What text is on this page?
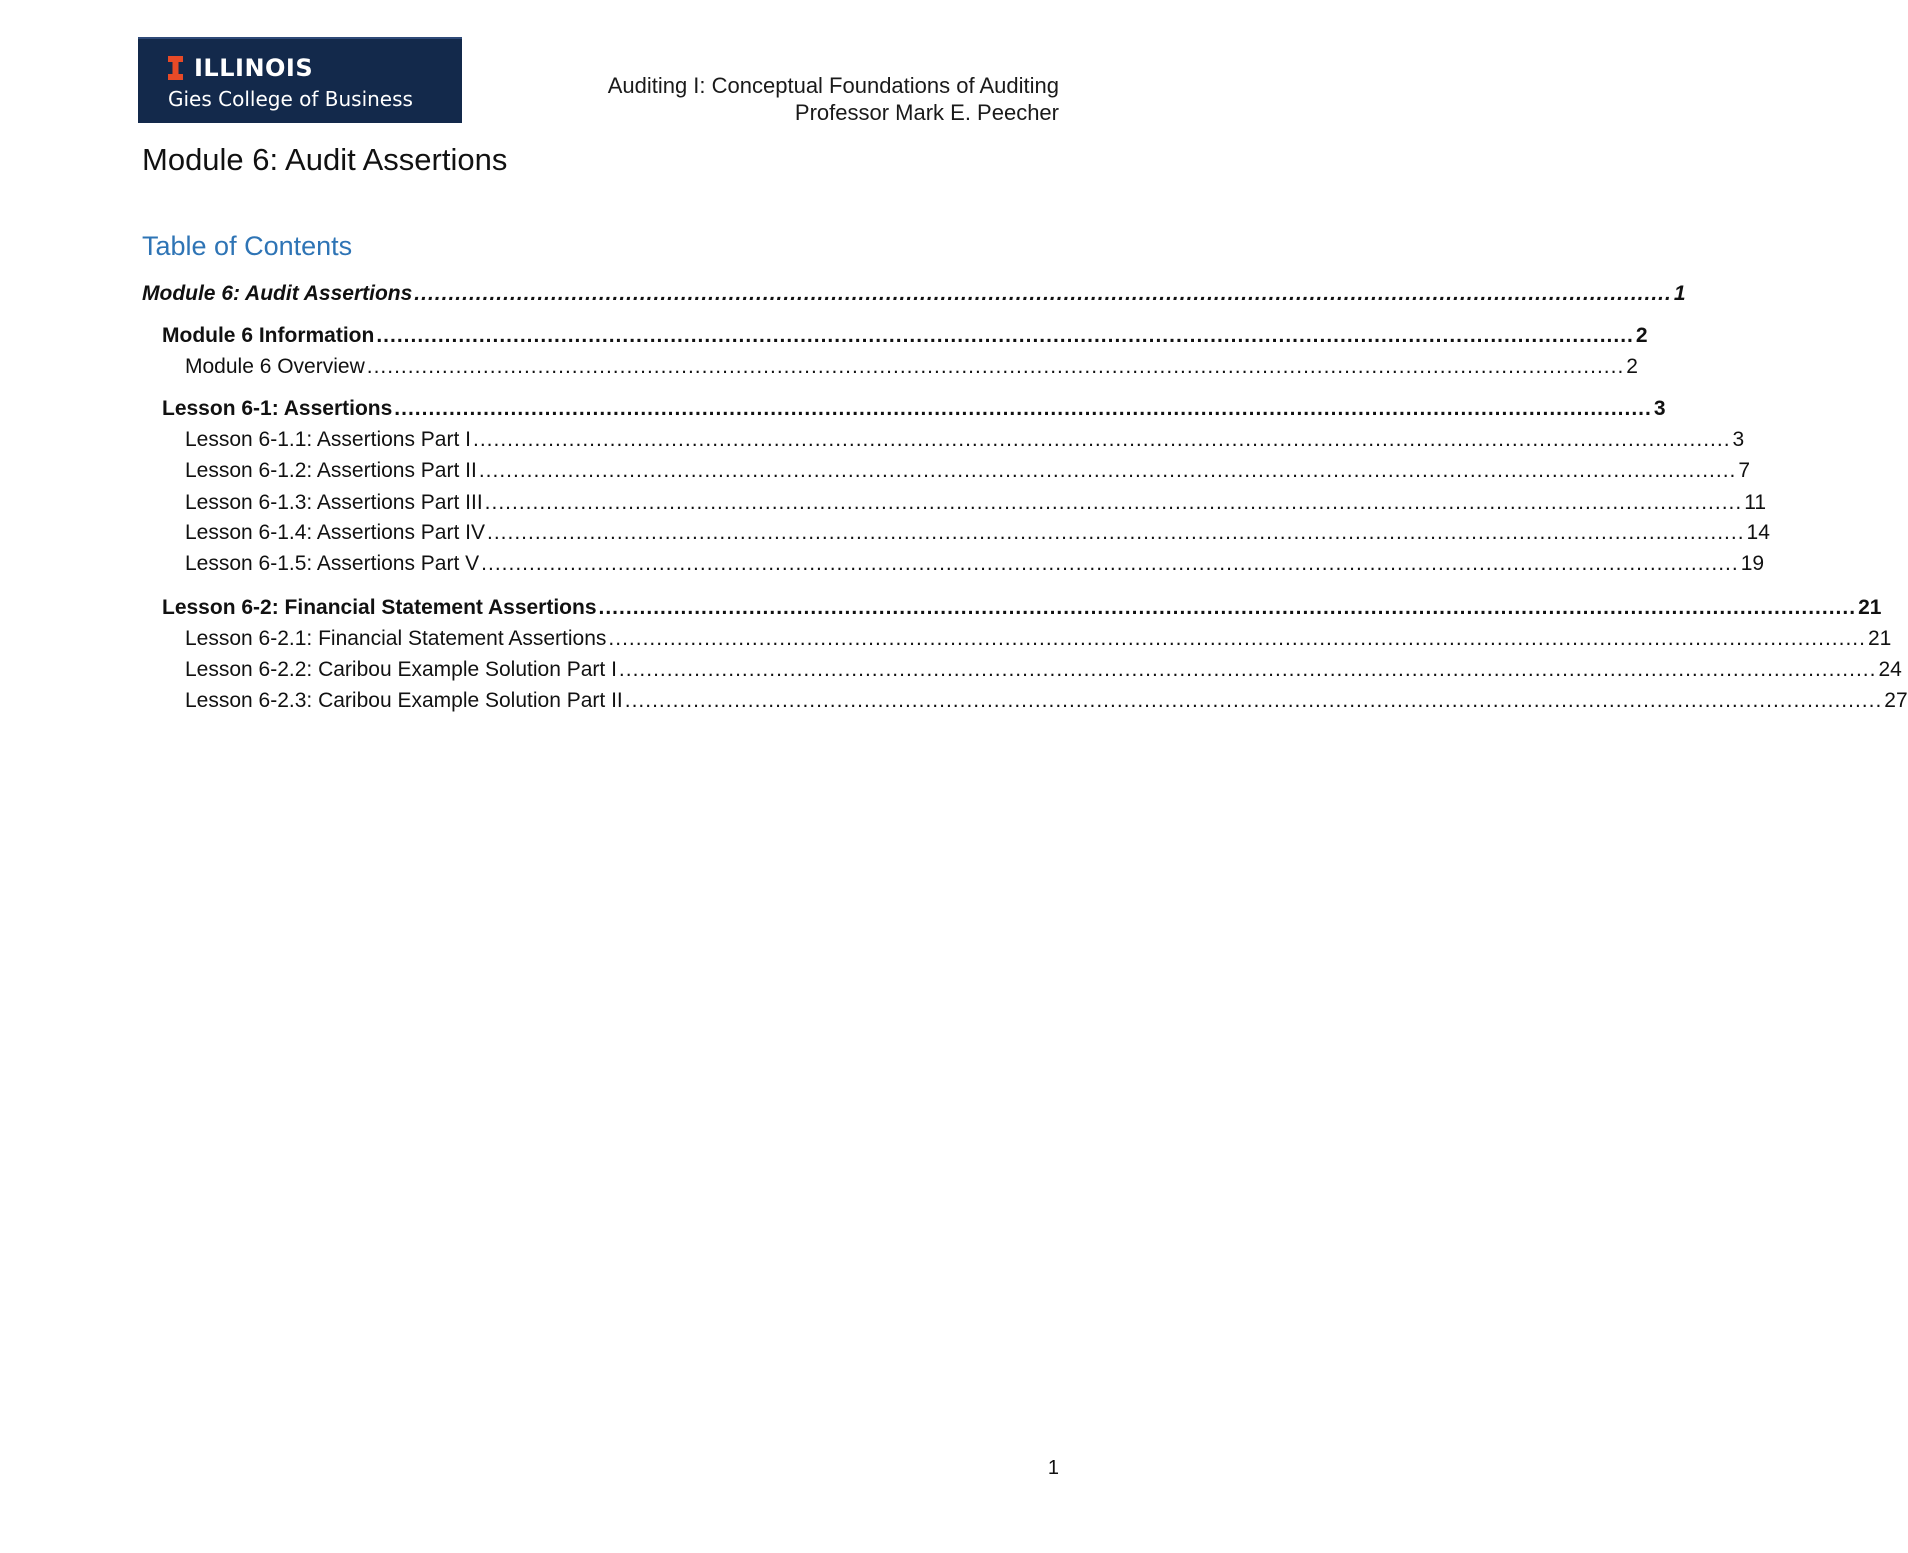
ILLINOIS
Gies College of Business
Auditing I: Conceptual Foundations of Auditing
Professor Mark E. Peecher
Module 6: Audit Assertions
Table of Contents
Module 6: Audit Assertions ........................................................................................................................................................................................ 1
Module 6 Information ........................................................................................................................................................................................ 2
Module 6 Overview ........................................................................................................................................................................................ 2
Lesson 6-1: Assertions ........................................................................................................................................................................................ 3
Lesson 6-1.1: Assertions Part I ........................................................................................................................................................................................ 3
Lesson 6-1.2: Assertions Part II ........................................................................................................................................................................................ 7
Lesson 6-1.3: Assertions Part III ........................................................................................................................................................................................ 11
Lesson 6-1.4: Assertions Part IV ........................................................................................................................................................................................ 14
Lesson 6-1.5: Assertions Part V ........................................................................................................................................................................................ 19
Lesson 6-2: Financial Statement Assertions ........................................................................................................................................................................................ 21
Lesson 6-2.1: Financial Statement Assertions ........................................................................................................................................................................................ 21
Lesson 6-2.2: Caribou Example Solution Part I ........................................................................................................................................................................................ 24
Lesson 6-2.3: Caribou Example Solution Part II ........................................................................................................................................................................................ 27
1
